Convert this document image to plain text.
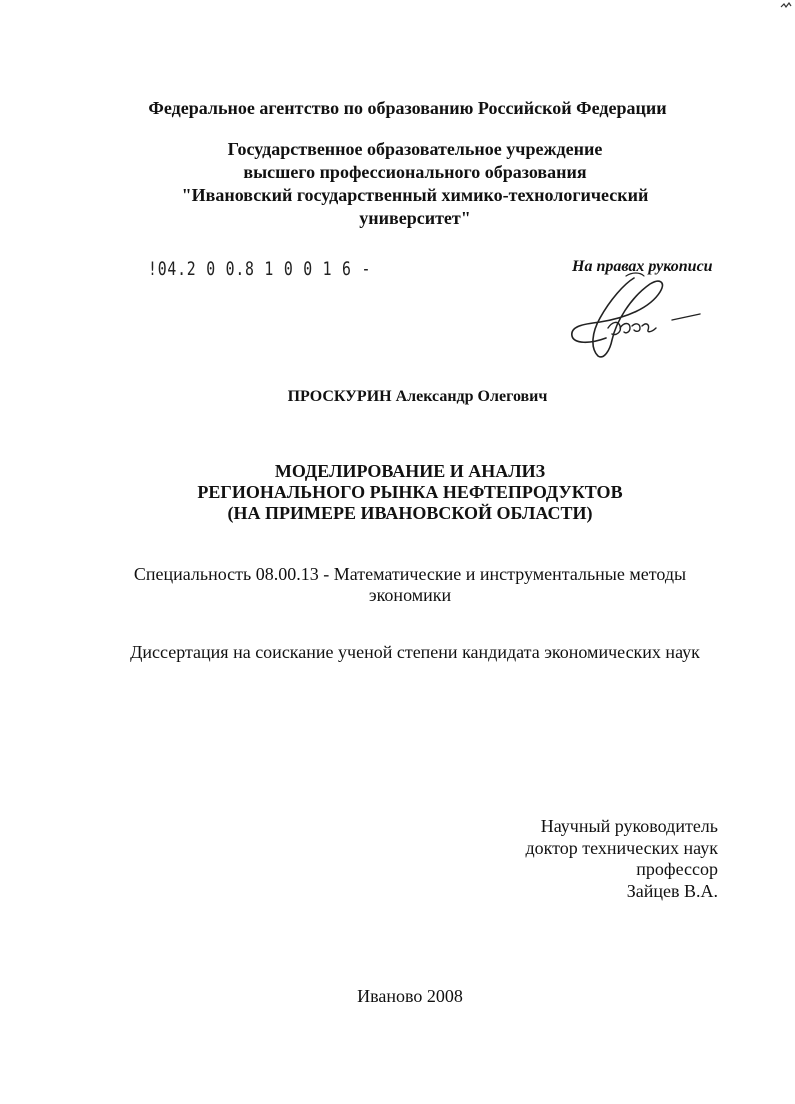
Федеральное агентство по образованию Российской Федерации
Государственное образовательное учреждение
высшего профессионального образования
"Ивановский государственный химико-технологический
университет"
!04.2 0 0.8 1 0 0 1 6 -	На правах рукописи
ПРОСКУРИН Александр Олегович
МОДЕЛИРОВАНИЕ И АНАЛИЗ
РЕГИОНАЛЬНОГО РЫНКА НЕФТЕПРОДУКТОВ
(НА ПРИМЕРЕ ИВАНОВСКОЙ ОБЛАСТИ)
Специальность 08.00.13 - Математические и инструментальные методы
экономики
Диссертация на соискание ученой степени кандидата экономических наук
Научный руководитель
доктор технических наук
профессор
Зайцев В.А.
Иваново 2008
